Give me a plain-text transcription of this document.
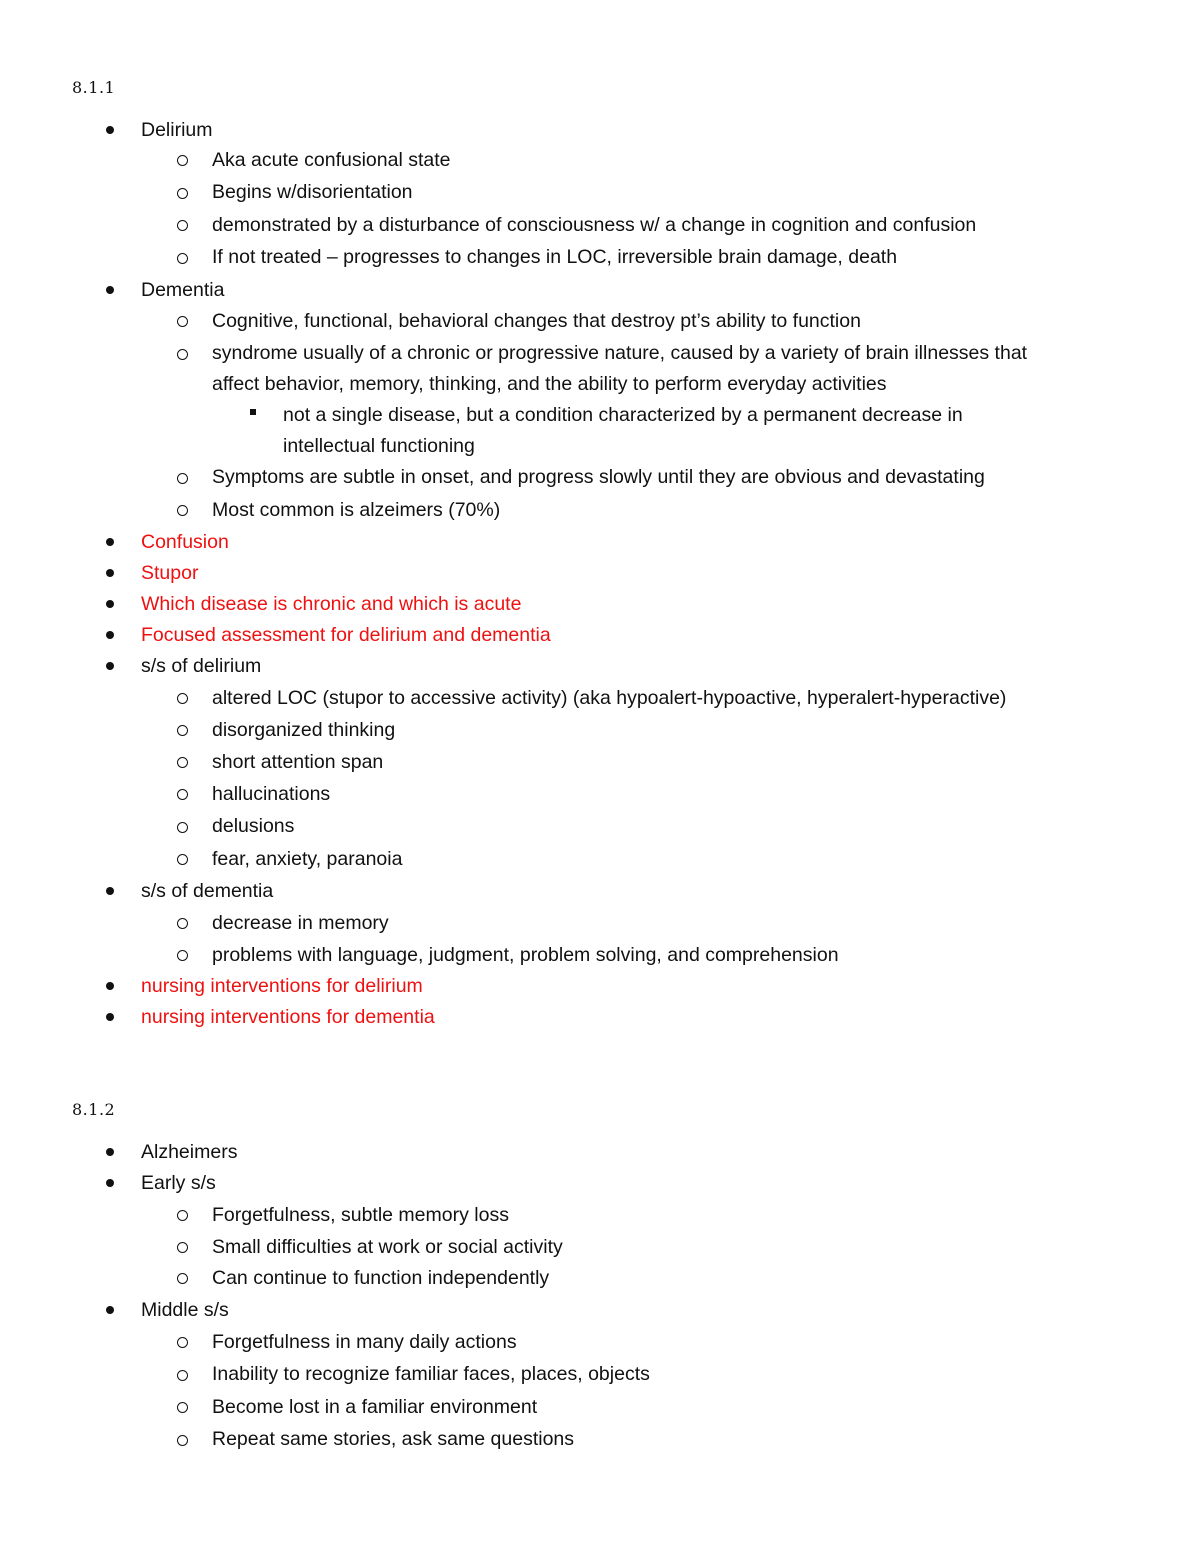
8.1.1
Delirium
Aka acute confusional state
Begins w/disorientation
demonstrated by a disturbance of consciousness w/ a change in cognition and confusion
If not treated – progresses to changes in LOC, irreversible brain damage, death
Dementia
Cognitive, functional, behavioral changes that destroy pt’s ability to function
syndrome usually of a chronic or progressive nature, caused by a variety of brain illnesses that
affect behavior, memory, thinking, and the ability to perform everyday activities
not a single disease, but a condition characterized by a permanent decrease in
intellectual functioning
Symptoms are subtle in onset, and progress slowly until they are obvious and devastating
Most common is alzeimers (70%)
Confusion
Stupor
Which disease is chronic and which is acute
Focused assessment for delirium and dementia
s/s of delirium
altered LOC (stupor to accessive activity) (aka hypoalert-hypoactive, hyperalert-hyperactive)
disorganized thinking
short attention span
hallucinations
delusions
fear, anxiety, paranoia
s/s of dementia
decrease in memory
problems with language, judgment, problem solving, and comprehension
nursing interventions for delirium
nursing interventions for dementia
8.1.2
Alzheimers
Early s/s
Forgetfulness, subtle memory loss
Small difficulties at work or social activity
Can continue to function independently
Middle s/s
Forgetfulness in many daily actions
Inability to recognize familiar faces, places, objects
Become lost in a familiar environment
Repeat same stories, ask same questions
